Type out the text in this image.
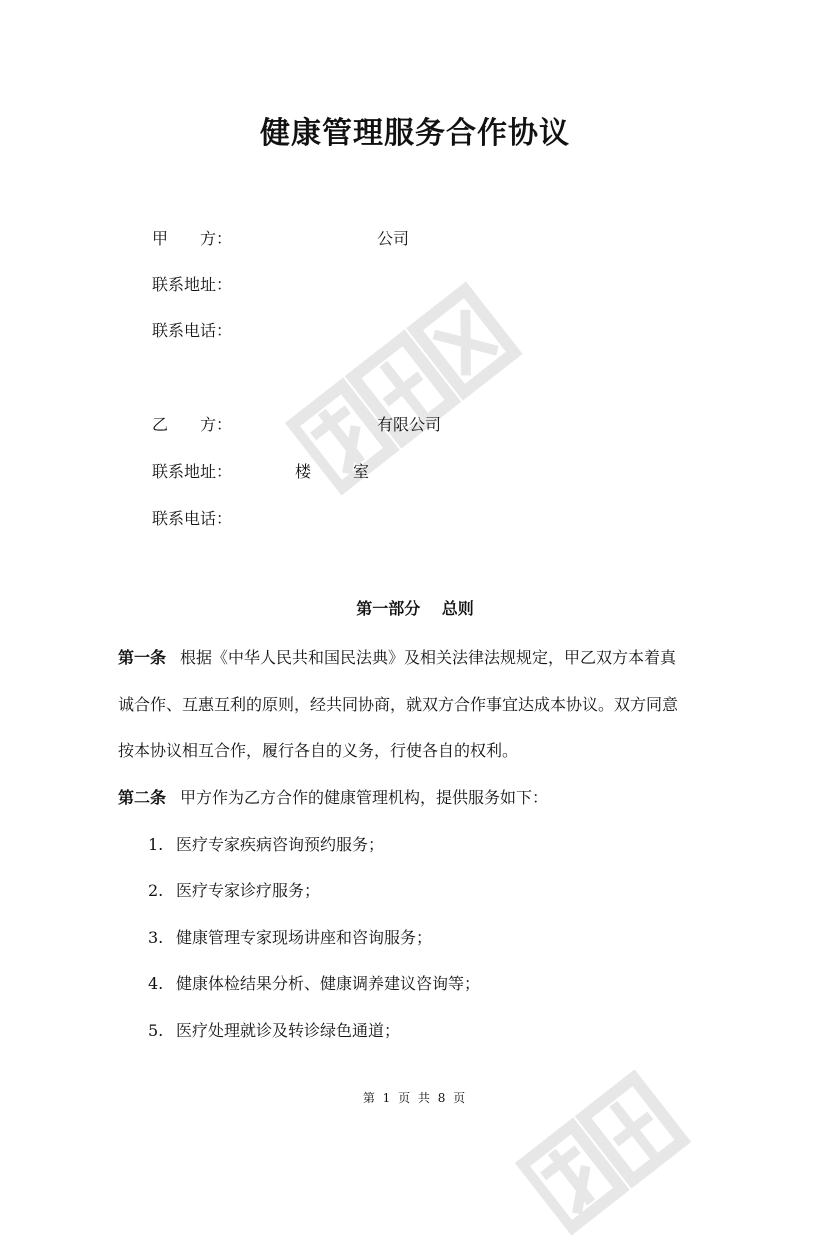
健康管理服务合作协议
甲　　方：	公司
联系地址：
联系电话：
乙　　方：	有限公司
联系地址：	楼	室
联系电话：
第一部分　 总则
第一条 根据《中华人民共和国民法典》及相关法律法规规定，甲乙双方本着真
诚合作、互惠互利的原则，经共同协商，就双方合作事宜达成本协议。双方同意
按本协议相互合作，履行各自的义务，行使各自的权利。
第二条 甲方作为乙方合作的健康管理机构，提供服务如下：
1. 医疗专家疾病咨询预约服务；
2. 医疗专家诊疗服务；
3. 健康管理专家现场讲座和咨询服务；
4. 健康体检结果分析、健康调养建议咨询等；
5. 医疗处理就诊及转诊绿色通道；
第 1 页 共 8 页
